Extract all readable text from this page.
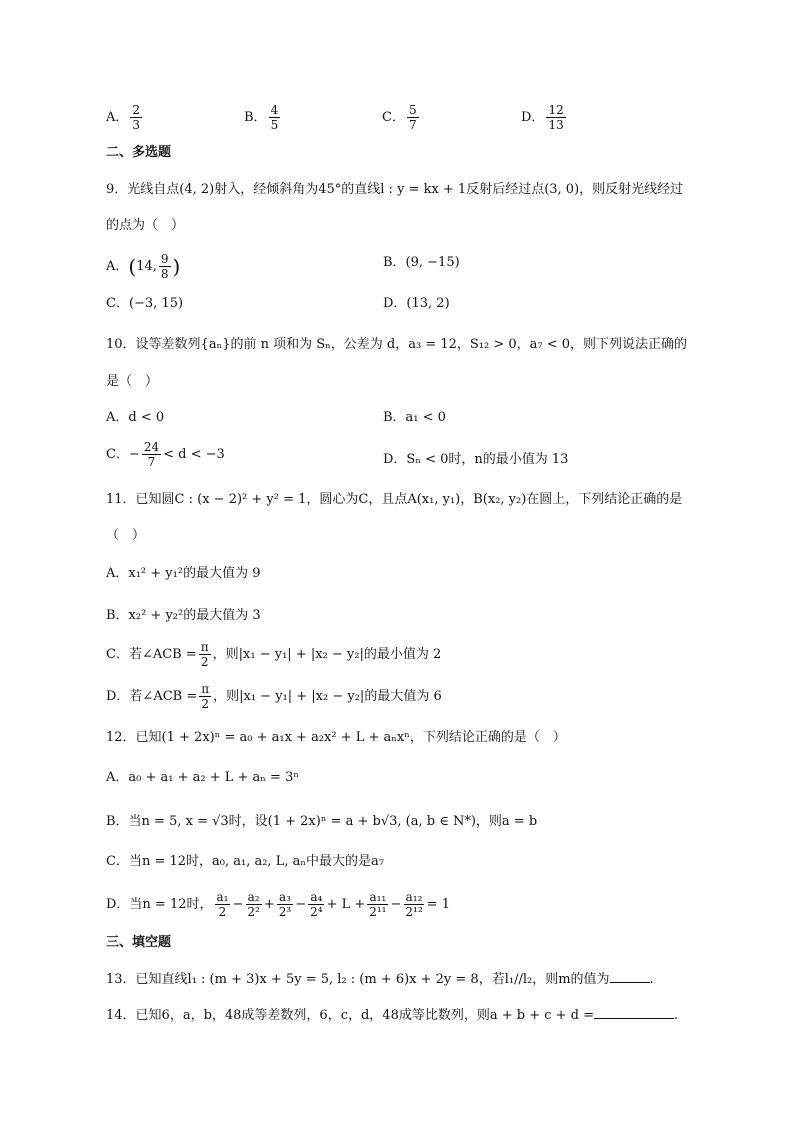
A． $\frac{2}{3}$	B． $\frac{4}{5}$	C． $\frac{5}{7}$	D． $\frac{12}{13}$
二、多选题
9．光线自点(4, 2)射入，经倾斜角为45°的直线l : y = kx + 1反射后经过点(3, 0)，则反射光线经过
的点为（　）
A．(14, $\frac{9}{8}$ )	B．(9, −15)
C．(−3, 15)	D．(13, 2)
10．设等差数列{aₙ}的前 n 项和为 Sₙ，公差为 d，a₃ = 12，S₁₂ > 0，a₇ < 0，则下列说法正确的
是（　）
A．d < 0	B．a₁ < 0
C．− $\frac{24}{7} < d < -3$	D．Sₙ < 0时，n的最小值为 13
11．已知圆C : (x − 2)² + y² = 1，圆心为C，且点A(x₁, y₁)，B(x₂, y₂)在圆上，下列结论正确的是
（　）
A．x₁² + y₁²的最大值为 9
B．x₂² + y₂²的最大值为 3
C．若∠ACB = $\frac{\pi}{2}$ ，则|x₁ − y₁| + |x₂ − y₂|的最小值为 2
D．若∠ACB = $\frac{\pi}{2}$ ，则|x₁ − y₁| + |x₂ − y₂|的最大值为 6
12．已知(1 + 2x)ⁿ = a₀ + a₁x + a₂x² + L + aₙxⁿ，下列结论正确的是（　）
A．a₀ + a₁ + a₂ + L + aₙ = 3ⁿ
B．当n = 5, x = √3时，设(1 + 2x)ⁿ = a + b√3, (a, b ∈ N*)，则a = b
C．当n = 12时，a₀, a₁, a₂, L, aₙ中最大的是a₇
D．当n = 12时， $\frac{\text{a₁}}{2} - \frac{\text{a₂}}{\text{2²}} + \frac{\text{a₃}}{\text{2³}} - \frac{\text{a₄}}{\text{2⁴}} + L + \frac{\text{a₁₁}}{\text{2¹¹}} - \frac{\text{a₁₂}}{\text{2¹²}} = 1$
三、填空题
13．已知直线l₁ : (m + 3)x + 5y = 5, l₂ : (m + 6)x + 2y = 8，若l₁//l₂，则m的值为	.
14．已知6，a，b，48成等差数列，6，c，d，48成等比数列，则a + b + c + d =	.
